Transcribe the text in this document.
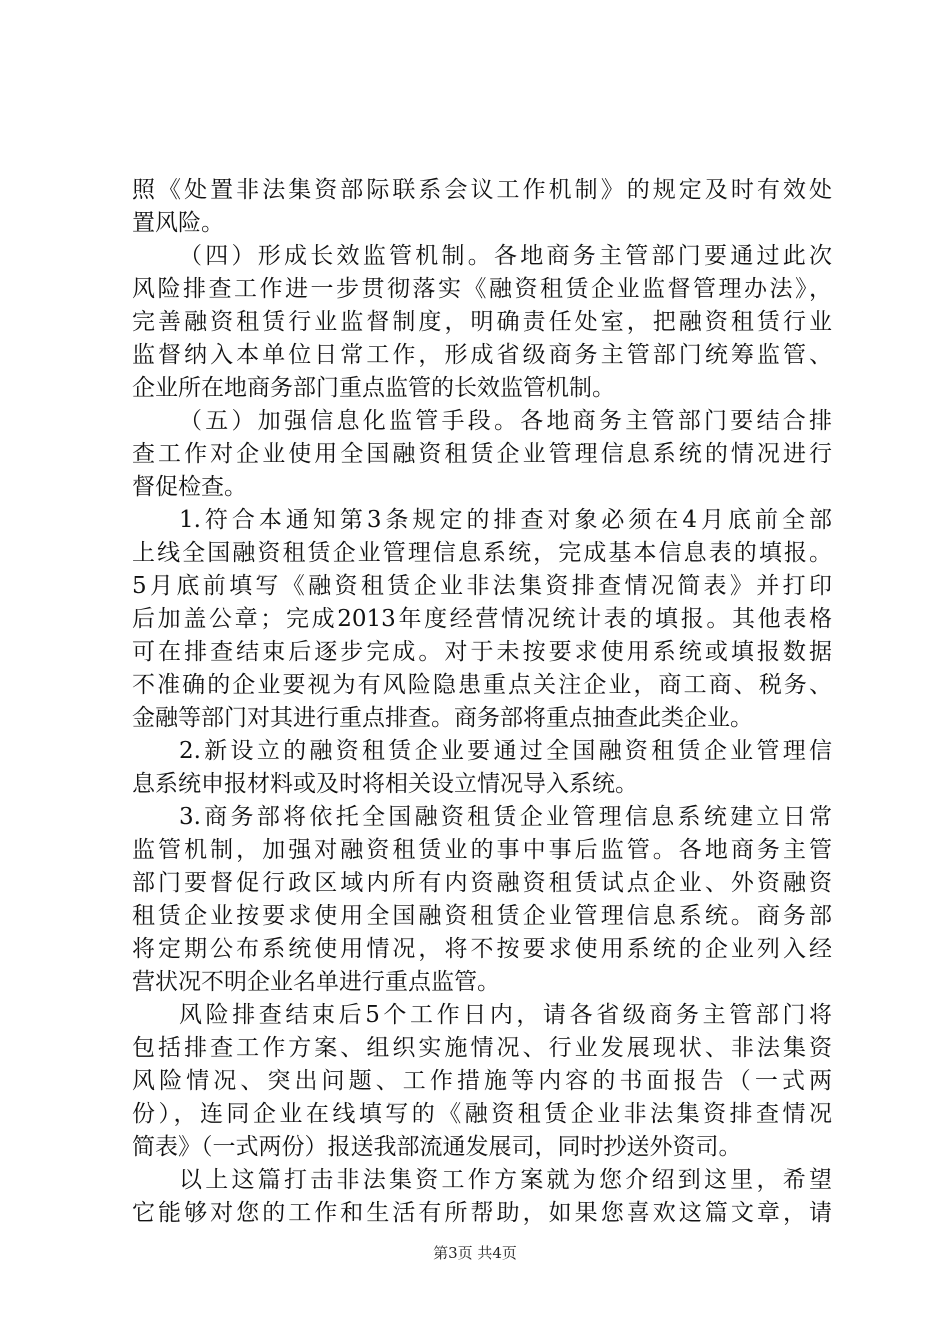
照《处置非法集资部际联系会议工作机制》的规定及时有效处
置风险。
（四）形成长效监管机制。各地商务主管部门要通过此次
风险排查工作进一步贯彻落实《融资租赁企业监督管理办法》，
完善融资租赁行业监督制度，明确责任处室，把融资租赁行业
监督纳入本单位日常工作，形成省级商务主管部门统筹监管、
企业所在地商务部门重点监管的长效监管机制。
（五）加强信息化监管手段。各地商务主管部门要结合排
查工作对企业使用全国融资租赁企业管理信息系统的情况进行
督促检查。
1.符合本通知第3条规定的排查对象必须在4月底前全部
上线全国融资租赁企业管理信息系统，完成基本信息表的填报。
5月底前填写《融资租赁企业非法集资排查情况简表》并打印
后加盖公章；完成2013年度经营情况统计表的填报。其他表格
可在排查结束后逐步完成。对于未按要求使用系统或填报数据
不准确的企业要视为有风险隐患重点关注企业，商工商、税务、
金融等部门对其进行重点排查。商务部将重点抽查此类企业。
2.新设立的融资租赁企业要通过全国融资租赁企业管理信
息系统申报材料或及时将相关设立情况导入系统。
3.商务部将依托全国融资租赁企业管理信息系统建立日常
监管机制，加强对融资租赁业的事中事后监管。各地商务主管
部门要督促行政区域内所有内资融资租赁试点企业、外资融资
租赁企业按要求使用全国融资租赁企业管理信息系统。商务部
将定期公布系统使用情况，将不按要求使用系统的企业列入经
营状况不明企业名单进行重点监管。
风险排查结束后5个工作日内，请各省级商务主管部门将
包括排查工作方案、组织实施情况、行业发展现状、非法集资
风险情况、突出问题、工作措施等内容的书面报告（一式两
份），连同企业在线填写的《融资租赁企业非法集资排查情况
简表》（一式两份）报送我部流通发展司，同时抄送外资司。
以上这篇打击非法集资工作方案就为您介绍到这里，希望
它能够对您的工作和生活有所帮助，如果您喜欢这篇文章，请
第3页 共4页
